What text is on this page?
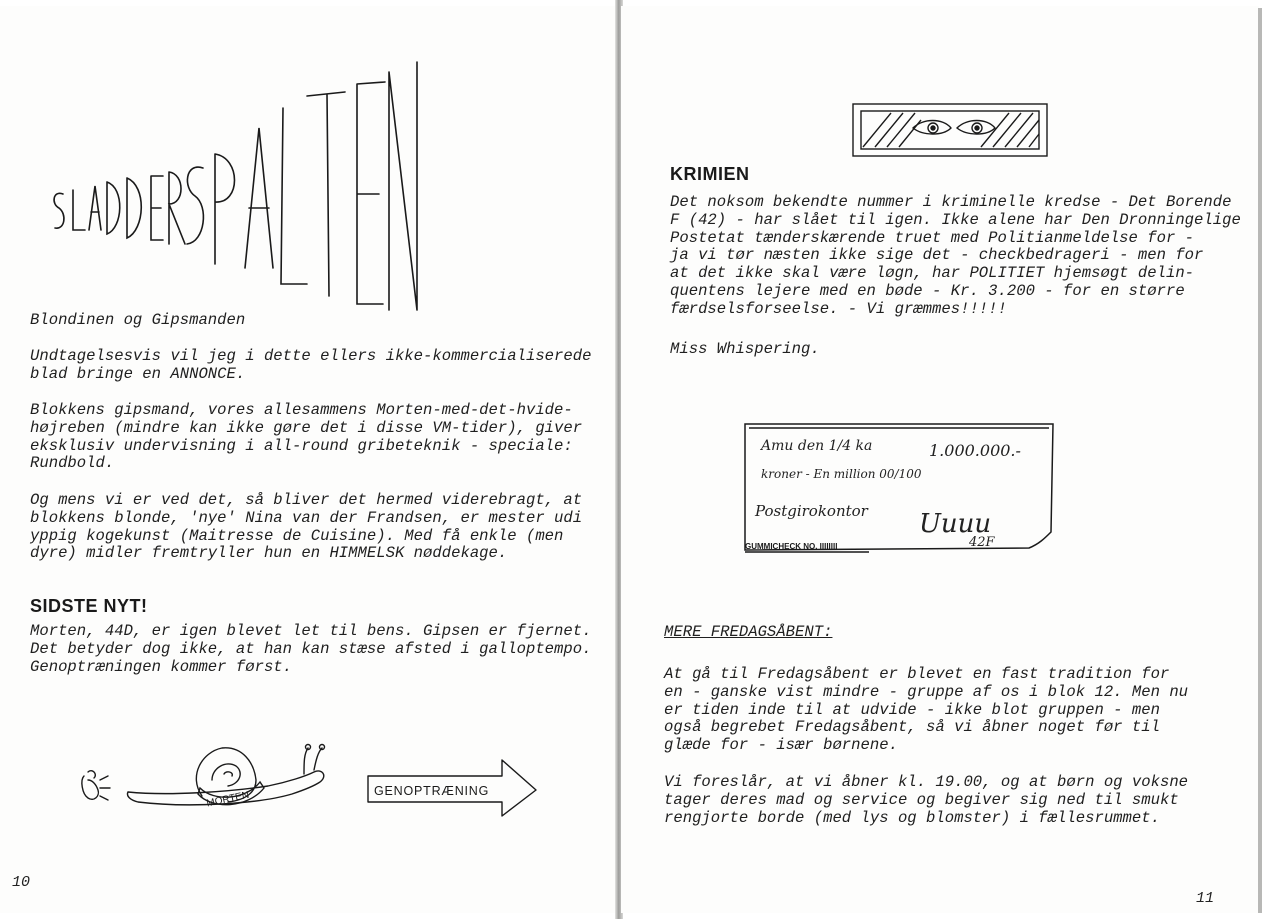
Blondinen og Gipsmanden

Undtagelsesvis vil jeg i dette ellers ikke-kommercialiserede
blad bringe en ANNONCE.

Blokkens gipsmand, vores allesammens Morten-med-det-hvide-
højreben (mindre kan ikke gøre det i disse VM-tider), giver
eksklusiv undervisning i all-round gribeteknik - speciale:
Rundbold.

Og mens vi er ved det, så bliver det hermed viderebragt, at
blokkens blonde, 'nye' Nina van der Frandsen, er mester udi
yppig kogekunst (Maitresse de Cuisine). Med få enkle (men
dyre) midler fremtryller hun en HIMMELSK nøddekage.

SIDSTE NYT!

Morten, 44D, er igen blevet let til bens. Gipsen er fjernet.
Det betyder dog ikke, at han kan stæse afsted i galloptempo.
Genoptræningen kommer først.

MORTEN	GENOPTRÆNING
10
KRIMIEN

Det noksom bekendte nummer i kriminelle kredse - Det Borende
F (42) - har slået til igen. Ikke alene har Den Dronningelige
Postetat tænderskærende truet med Politianmeldelse for -
ja vi tør næsten ikke sige det - checkbedrageri - men for
at det ikke skal være løgn, har POLITIET hjemsøgt delin-
quentens lejere med en bøde - Kr. 3.200 - for en større
færdselsforseelse. - Vi græmmes!!!!!

Miss Whispering.

Amu den 1/4 ka	1.000.000.-
kroner - En million 00/100
Postgirokontor Uuuu
42F
GUMMICHECK NO. IIIIIIII

MERE FREDAGSÅBENT:

At gå til Fredagsåbent er blevet en fast tradition for
en - ganske vist mindre - gruppe af os i blok 12. Men nu
er tiden inde til at udvide - ikke blot gruppen - men
også begrebet Fredagsåbent, så vi åbner noget før til
glæde for - især børnene.

Vi foreslår, at vi åbner kl. 19.00, og at børn og voksne
tager deres mad og service og begiver sig ned til smukt
rengjorte borde (med lys og blomster) i fællesrummet.

11
